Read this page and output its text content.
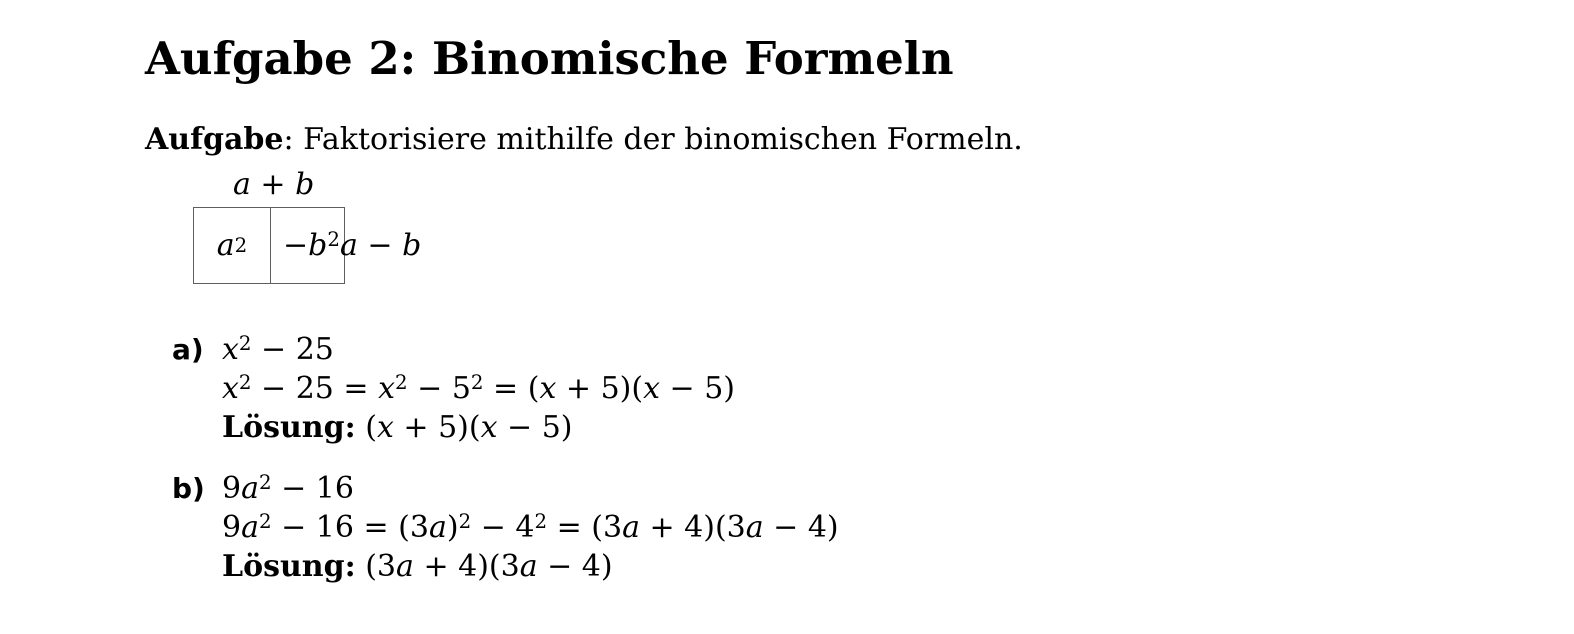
Aufgabe 2: Binomische Formeln

Aufgabe: Faktorisiere mithilfe der binomischen Formeln.

a + b
a $2 -b^2$ a − b
a) $x^2 - 25$
$x^2 - 25 = x^2 - 5^2 = (x + 5)(x - 5)$
Lösung: (x + 5)(x − 5)
b) $9a^2 - 16$
$9a^2 - 16 = (3a)^2 - 4^2 = (3a + 4)(3a - 4)$
Lösung: (3a + 4)(3a − 4)
